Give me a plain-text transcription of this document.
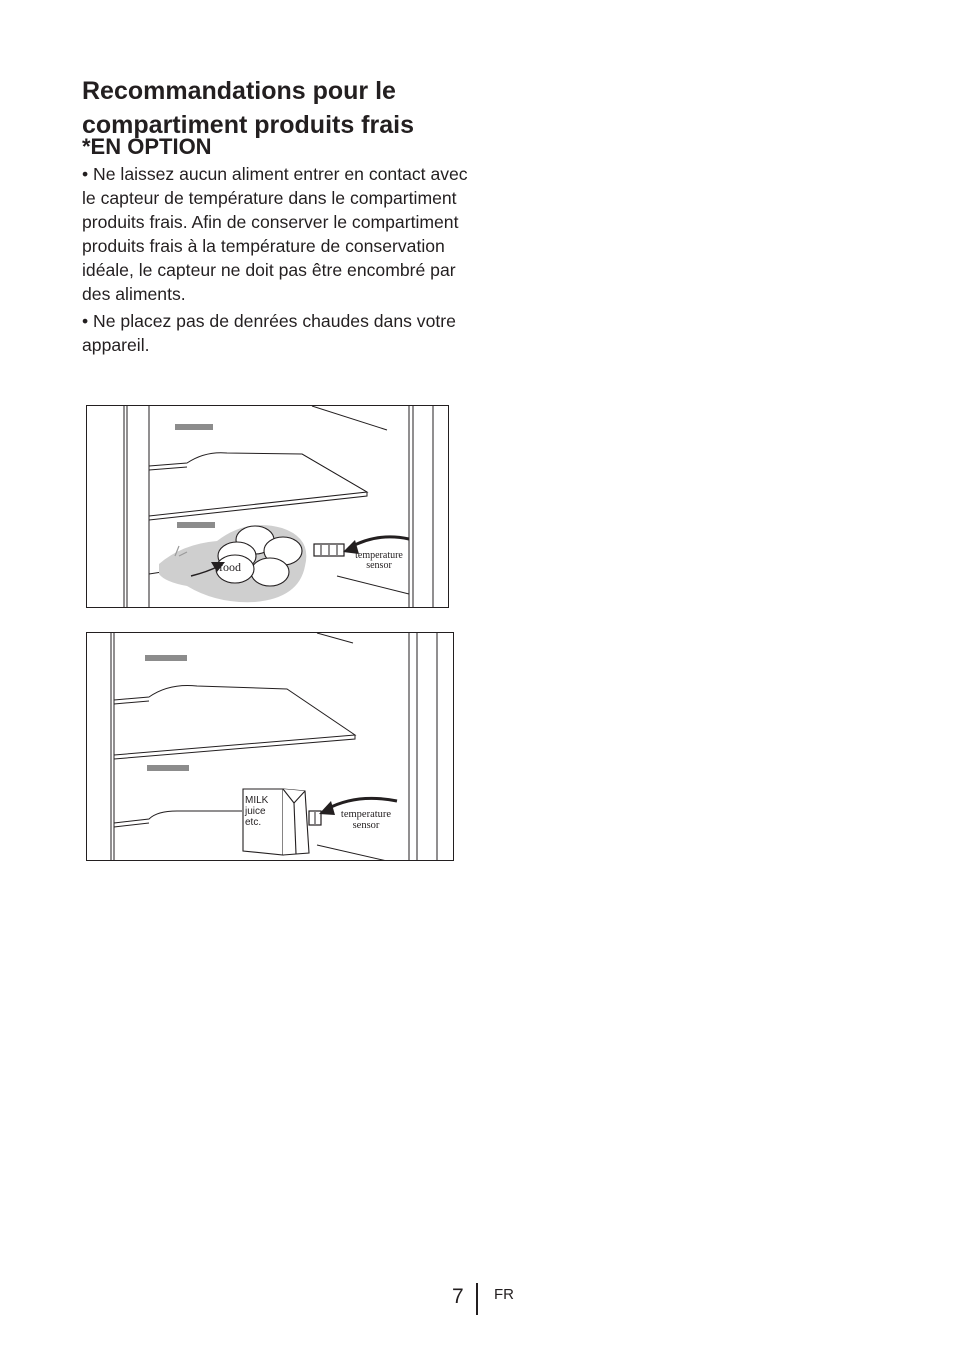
Recommandations pour le compartiment produits frais
*EN OPTION

• Ne laissez aucun aliment entrer en contact avec le capteur de température dans le compartiment produits frais. Afin de conserver le compartiment produits frais à la température de conservation idéale, le capteur ne doit pas être encombré par des aliments.

• Ne placez pas de denrées chaudes dans votre appareil.

food
temperature
sensor
MILK
juice
etc.
temperature
sensor
7 FR
